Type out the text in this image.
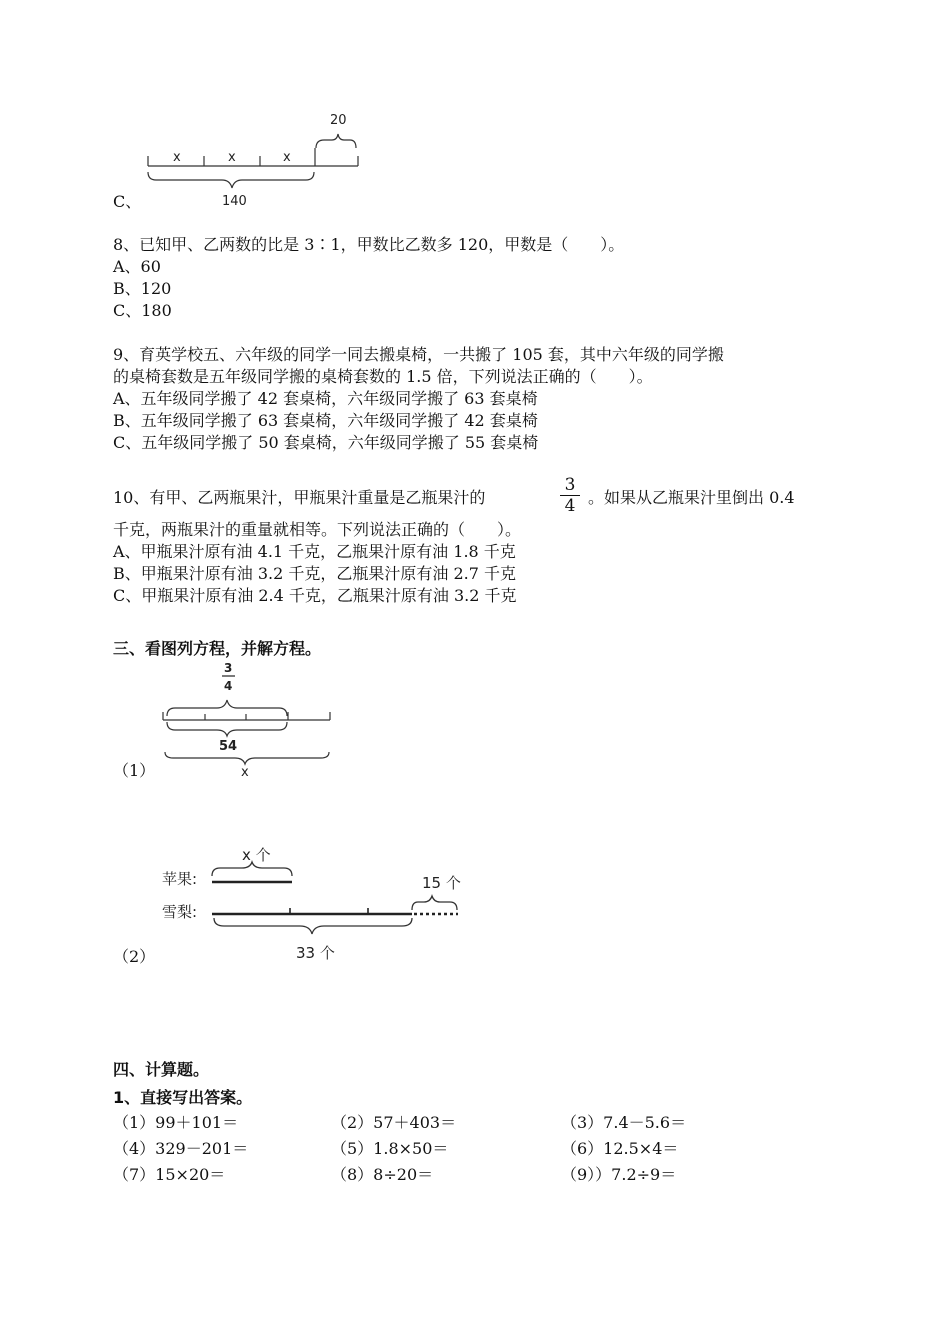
x	x	x
20
140
C、
8、已知甲、乙两数的比是 3∶1，甲数比乙数多 120，甲数是（　　）。
A、60
B、120
C、180
9、育英学校五、六年级的同学一同去搬桌椅，一共搬了 105 套，其中六年级的同学搬
的桌椅套数是五年级同学搬的桌椅套数的 1.5 倍，下列说法正确的（　　）。
A、五年级同学搬了 42 套桌椅，六年级同学搬了 63 套桌椅
B、五年级同学搬了 63 套桌椅，六年级同学搬了 42 套桌椅
C、五年级同学搬了 50 套桌椅，六年级同学搬了 55 套桌椅
10、有甲、乙两瓶果汁，甲瓶果汁重量是乙瓶果汁的	$\frac{3}{4}$ 。如果从乙瓶果汁里倒出 0.4
千克，两瓶果汁的重量就相等。下列说法正确的（　　）。
A、甲瓶果汁原有油 4.1 千克，乙瓶果汁原有油 1.8 千克
B、甲瓶果汁原有油 3.2 千克，乙瓶果汁原有油 2.7 千克
C、甲瓶果汁原有油 2.4 千克，乙瓶果汁原有油 3.2 千克
三、看图列方程，并解方程。
3
4
54
x
（1）
x 个
苹果:
雪梨:
15 个
33 个
（2）
四、计算题。
1、直接写出答案。
（1）99＋101＝	（2）57＋403＝	（3）7.4－5.6＝
（4）329－201＝	（5）1.8×50＝	（6）12.5×4＝
（7）15×20＝	（8）8÷20＝	（9））7.2÷9＝
